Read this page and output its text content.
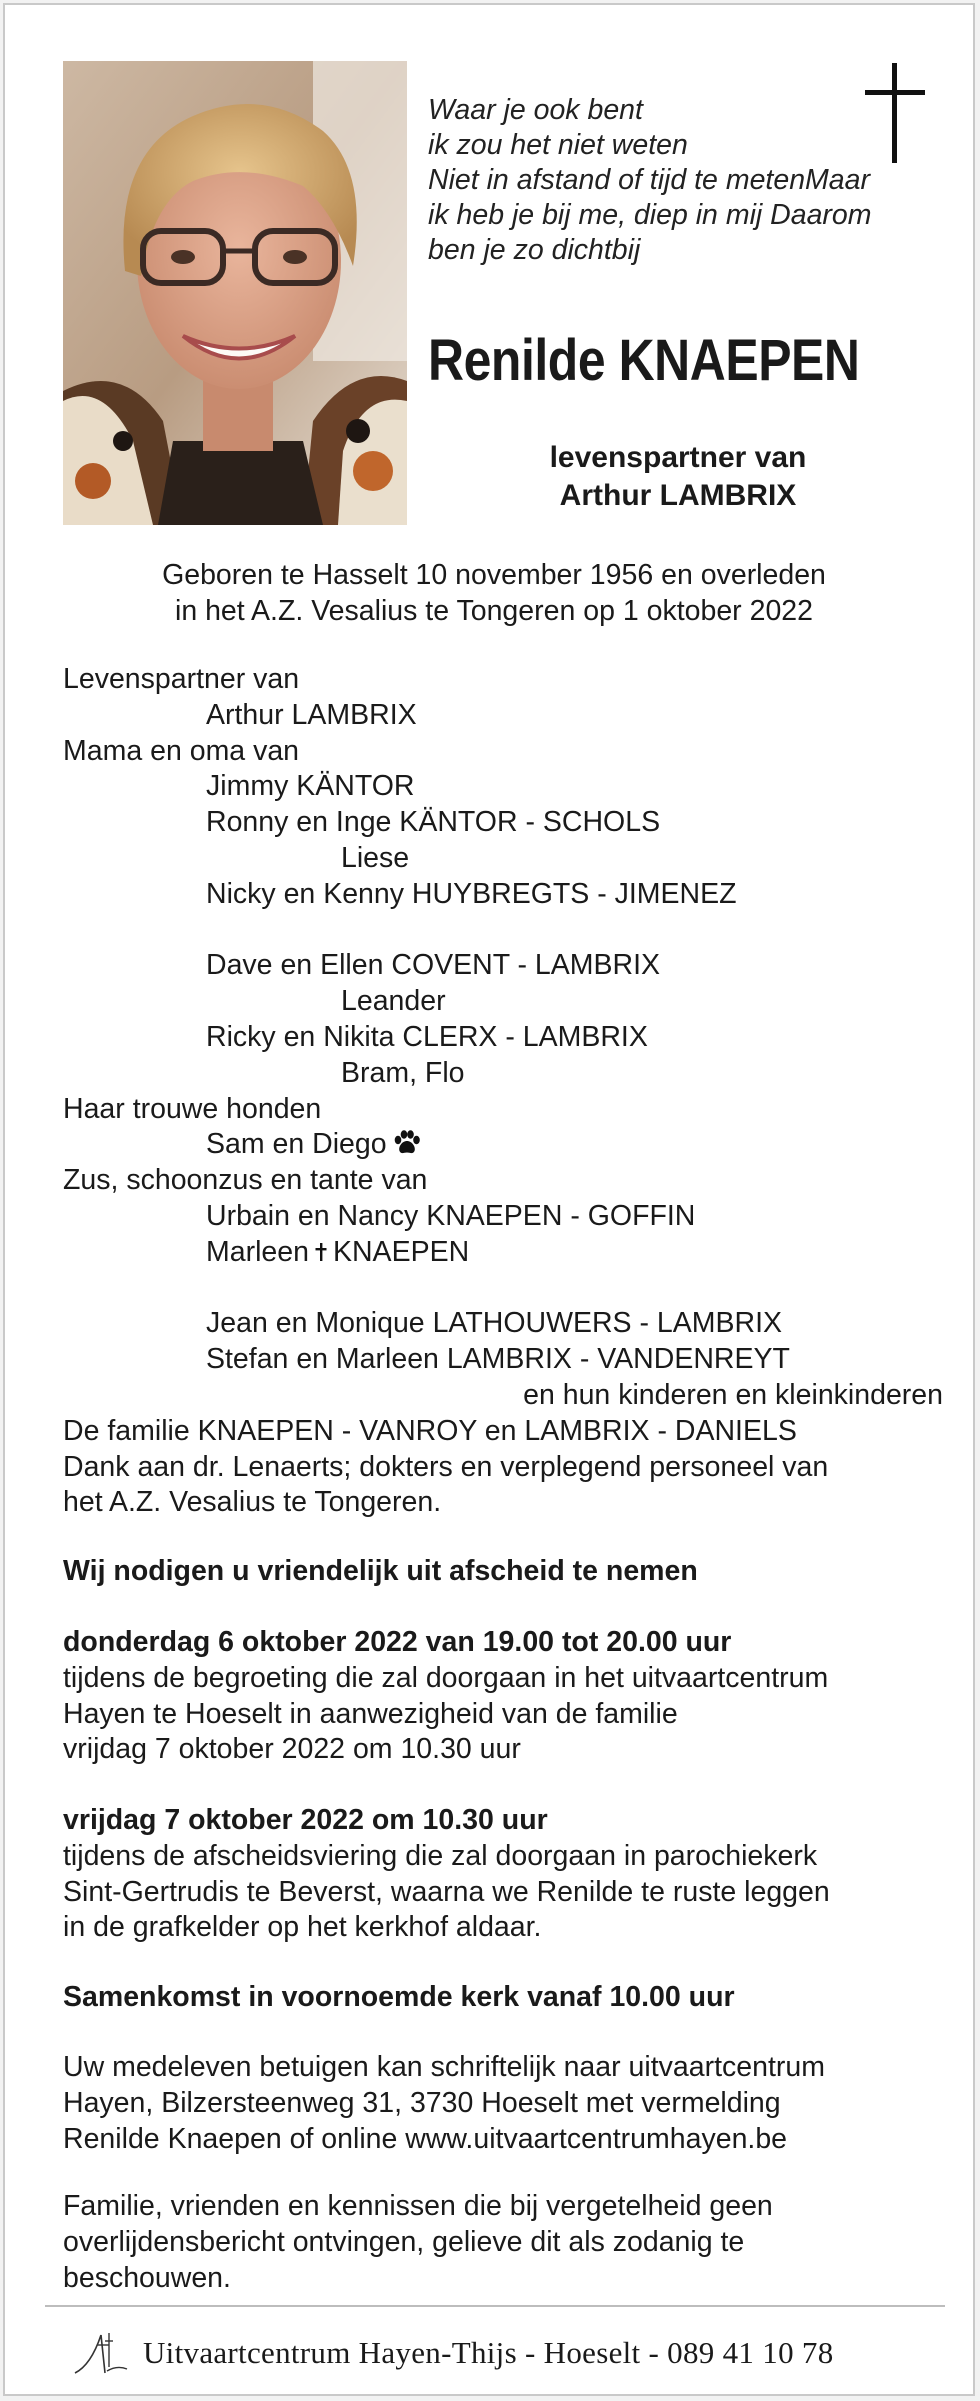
Waar je ook bent
ik zou het niet weten
Niet in afstand of tijd te metenMaar
ik heb je bij me, diep in mij Daarom
ben je zo dichtbij
Renilde KNAEPEN
levenspartner van
Arthur LAMBRIX
Geboren te Hasselt 10 november 1956 en overleden
in het A.Z. Vesalius te Tongeren op 1 oktober 2022
Levenspartner van
Arthur LAMBRIX
Mama en oma van
Jimmy KÄNTOR
Ronny en Inge KÄNTOR - SCHOLS
Liese
Nicky en Kenny HUYBREGTS - JIMENEZ
Dave en Ellen COVENT - LAMBRIX
Leander
Ricky en Nikita CLERX - LAMBRIX
Bram, Flo
Haar trouwe honden
Sam en Diego
Zus, schoonzus en tante van
Urbain en Nancy KNAEPEN - GOFFIN
Marleen KNAEPEN
Jean en Monique LATHOUWERS - LAMBRIX
Stefan en Marleen LAMBRIX - VANDENREYT
en hun kinderen en kleinkinderen
De familie KNAEPEN - VANROY en LAMBRIX - DANIELS
Dank aan dr. Lenaerts; dokters en verplegend personeel van
het A.Z. Vesalius te Tongeren.
Wij nodigen u vriendelijk uit afscheid te nemen
donderdag 6 oktober 2022 van 19.00 tot 20.00 uur
tijdens de begroeting die zal doorgaan in het uitvaartcentrum
Hayen te Hoeselt in aanwezigheid van de familie
vrijdag 7 oktober 2022 om 10.30 uur
vrijdag 7 oktober 2022 om 10.30 uur
tijdens de afscheidsviering die zal doorgaan in parochiekerk
Sint-Gertrudis te Beverst, waarna we Renilde te ruste leggen
in de grafkelder op het kerkhof aldaar.
Samenkomst in voornoemde kerk vanaf 10.00 uur
Uw medeleven betuigen kan schriftelijk naar uitvaartcentrum
Hayen, Bilzersteenweg 31, 3730 Hoeselt met vermelding
Renilde Knaepen of online www.uitvaartcentrumhayen.be
Familie, vrienden en kennissen die bij vergetelheid geen
overlijdensbericht ontvingen, gelieve dit als zodanig te
beschouwen.
Uitvaartcentrum Hayen-Thijs - Hoeselt - 089 41 10 78
